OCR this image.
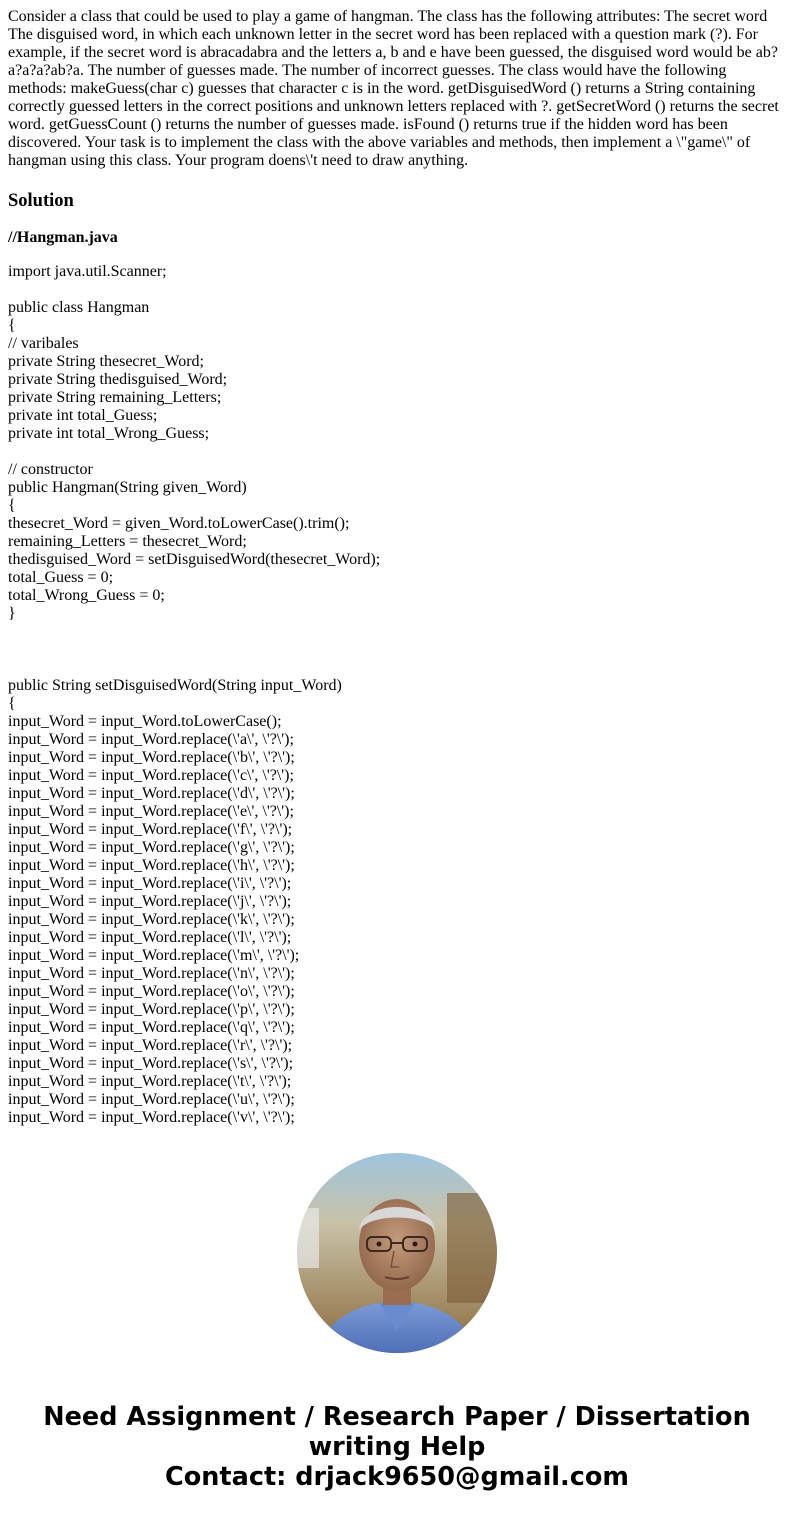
Consider a class that could be used to play a game of hangman. The class has the following attributes: The secret word The disguised word, in which each unknown letter in the secret word has been replaced with a question mark (?). For example, if the secret word is abracadabra and the letters a, b and e have been guessed, the disguised word would be ab?a?a?a?ab?a. The number of guesses made. The number of incorrect guesses. The class would have the following methods: makeGuess(char c) guesses that character c is in the word. getDisguisedWord () returns a String containing correctly guessed letters in the correct positions and unknown letters replaced with ?. getSecretWord () returns the secret word. getGuessCount () returns the number of guesses made. isFound () returns true if the hidden word has been discovered. Your task is to implement the class with the above variables and methods, then implement a \"game\" of hangman using this class. Your program doens\'t need to draw anything.

Solution
//Hangman.java
import java.util.Scanner;
public class Hangman
{
// varibales
private String thesecret_Word;
private String thedisguised_Word;
private String remaining_Letters;
private int total_Guess;
private int total_Wrong_Guess;
// constructor
public Hangman(String given_Word)
{
thesecret_Word = given_Word.toLowerCase().trim();
remaining_Letters = thesecret_Word;
thedisguised_Word = setDisguisedWord(thesecret_Word);
total_Guess = 0;
total_Wrong_Guess = 0;
}
public String setDisguisedWord(String input_Word)
{
input_Word = input_Word.toLowerCase();
input_Word = input_Word.replace(\'a\', \'?\');
input_Word = input_Word.replace(\'b\', \'?\');
input_Word = input_Word.replace(\'c\', \'?\');
input_Word = input_Word.replace(\'d\', \'?\');
input_Word = input_Word.replace(\'e\', \'?\');
input_Word = input_Word.replace(\'f\', \'?\');
input_Word = input_Word.replace(\'g\', \'?\');
input_Word = input_Word.replace(\'h\', \'?\');
input_Word = input_Word.replace(\'i\', \'?\');
input_Word = input_Word.replace(\'j\', \'?\');
input_Word = input_Word.replace(\'k\', \'?\');
input_Word = input_Word.replace(\'l\', \'?\');
input_Word = input_Word.replace(\'m\', \'?\');
input_Word = input_Word.replace(\'n\', \'?\');
input_Word = input_Word.replace(\'o\', \'?\');
input_Word = input_Word.replace(\'p\', \'?\');
input_Word = input_Word.replace(\'q\', \'?\');
input_Word = input_Word.replace(\'r\', \'?\');
input_Word = input_Word.replace(\'s\', \'?\');
input_Word = input_Word.replace(\'t\', \'?\');
input_Word = input_Word.replace(\'u\', \'?\');
input_Word = input_Word.replace(\'v\', \'?\');
Need Assignment / Research Paper / Dissertation
writing Help
Contact: drjack9650@gmail.com
